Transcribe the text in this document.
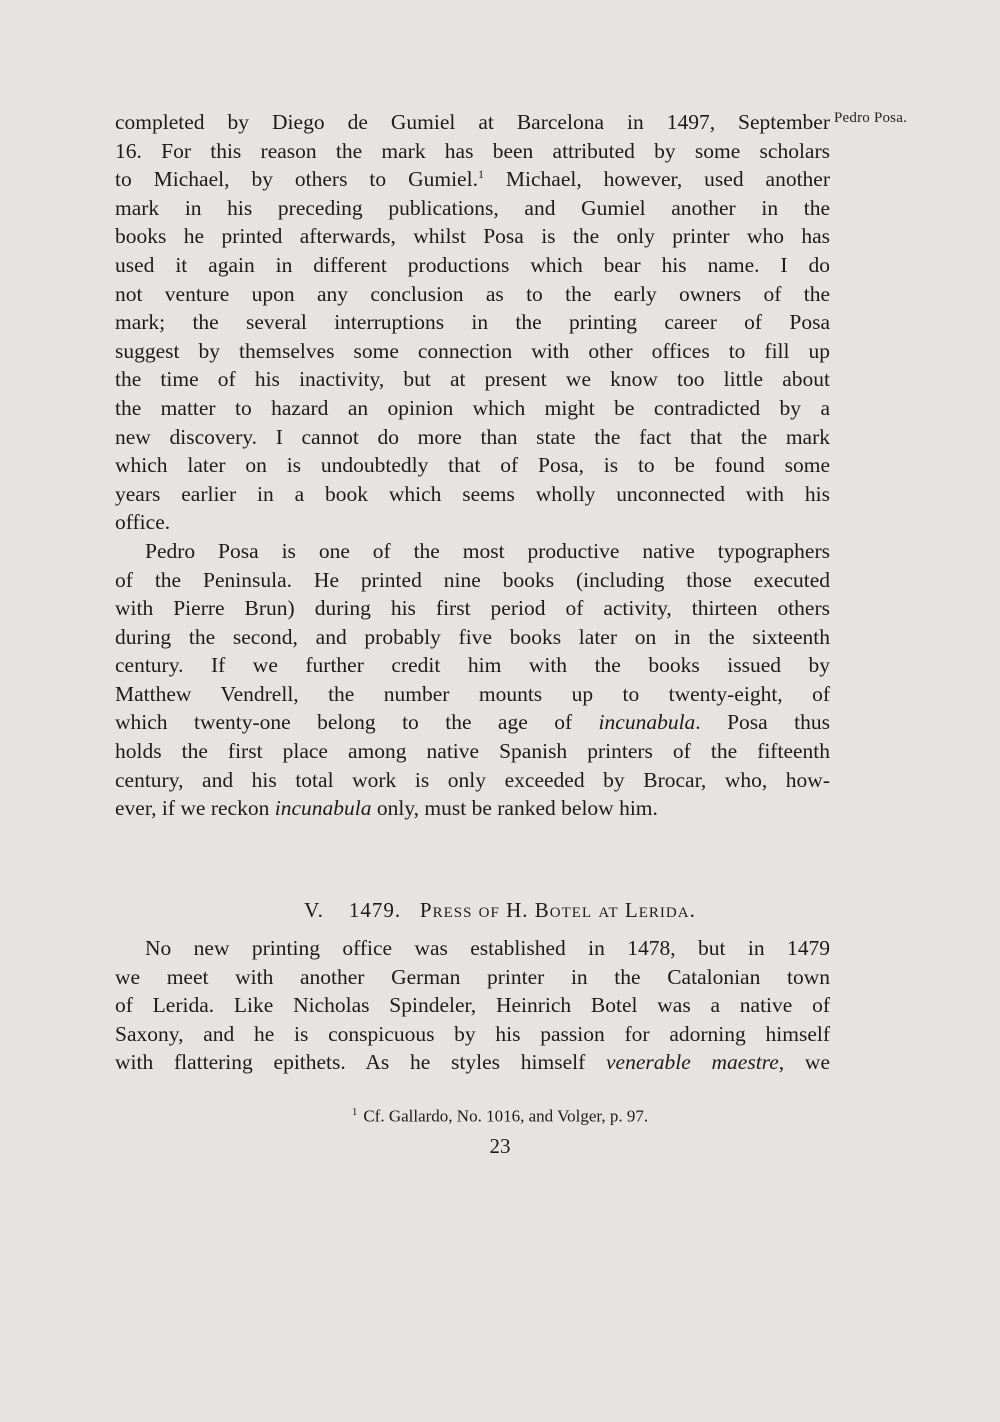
Pedro Posa.
completed by Diego de Gumiel at Barcelona in 1497, September
16. For this reason the mark has been attributed by some scholars
to Michael, by others to Gumiel.$^1$ Michael, however, used another
mark in his preceding publications, and Gumiel another in the
books he printed afterwards, whilst Posa is the only printer who has
used it again in different productions which bear his name. I do
not venture upon any conclusion as to the early owners of the
mark; the several interruptions in the printing career of Posa
suggest by themselves some connection with other offices to fill up
the time of his inactivity, but at present we know too little about
the matter to hazard an opinion which might be contradicted by a
new discovery. I cannot do more than state the fact that the mark
which later on is undoubtedly that of Posa, is to be found some
years earlier in a book which seems wholly unconnected with his
office.
Pedro Posa is one of the most productive native typographers
of the Peninsula. He printed nine books (including those executed
with Pierre Brun) during his first period of activity, thirteen others
during the second, and probably five books later on in the sixteenth
century. If we further credit him with the books issued by
Matthew Vendrell, the number mounts up to twenty-eight, of
which twenty-one belong to the age of incunabula. Posa thus
holds the first place among native Spanish printers of the fifteenth
century, and his total work is only exceeded by Brocar, who, how-
ever, if we reckon incunabula only, must be ranked below him.
V. 1479. Press of H. Botel at Lerida.
No new printing office was established in 1478, but in 1479
we meet with another German printer in the Catalonian town
of Lerida. Like Nicholas Spindeler, Heinrich Botel was a native of
Saxony, and he is conspicuous by his passion for adorning himself
with flattering epithets. As he styles himself venerable maestre, we
$^1$ Cf. Gallardo, No. 1016, and Volger, p. 97.
23
